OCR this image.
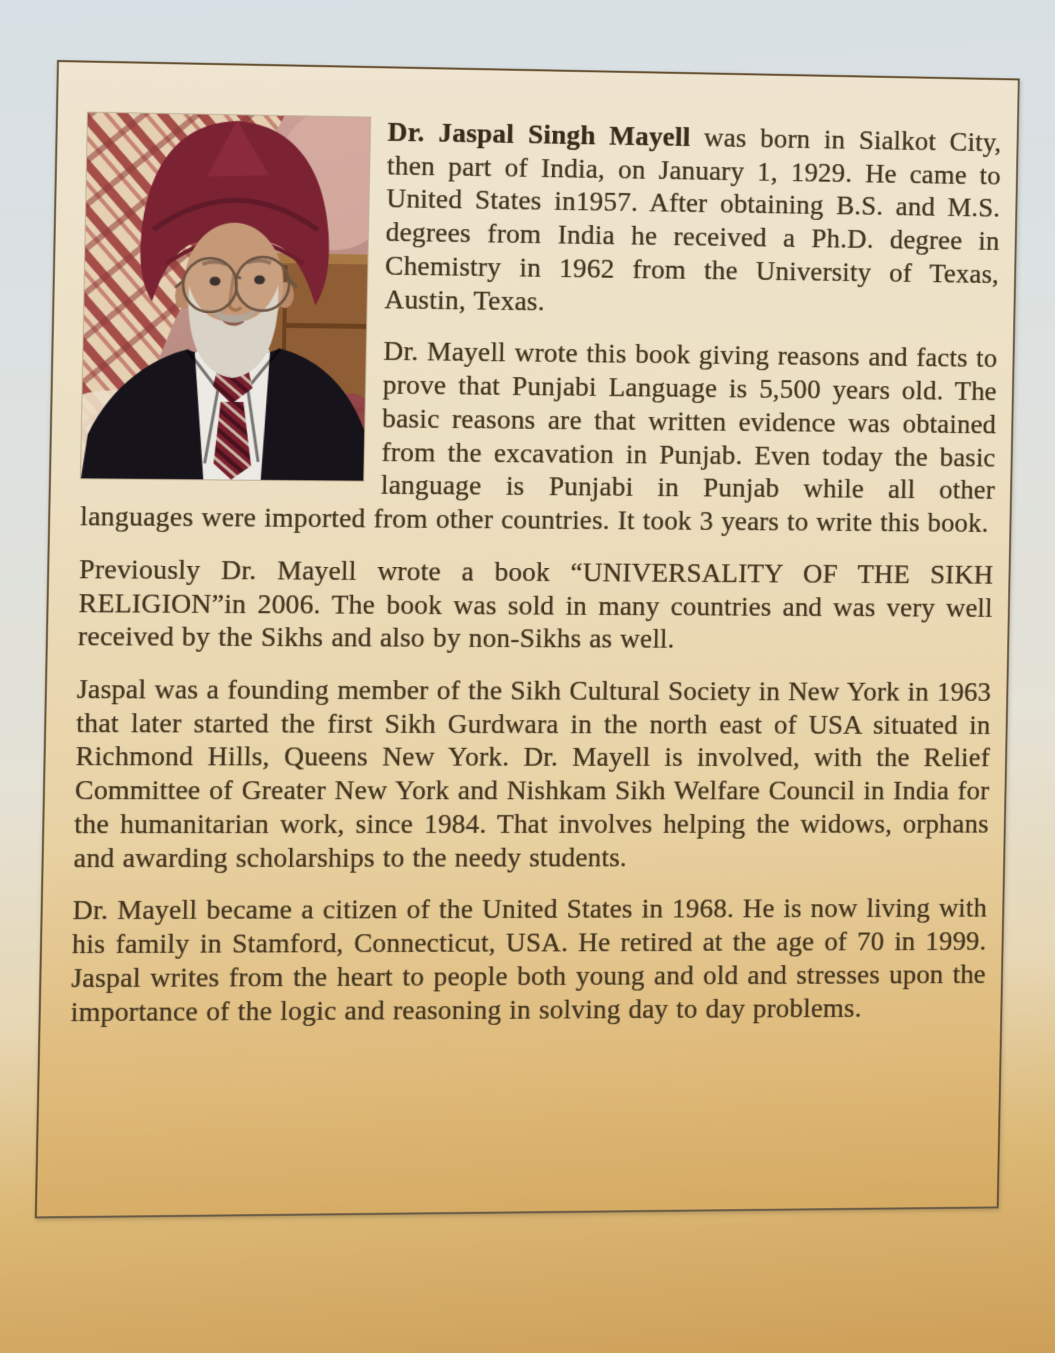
Dr. Jaspal Singh Mayell was born in Sialkot City, then part of India, on January 1, 1929. He came to United States in1957. After obtaining B.S. and M.S. degrees from India he received a Ph.D. degree in Chemistry in 1962 from the University of Texas, Austin, Texas.

Dr. Mayell wrote this book giving reasons and facts to prove that Punjabi Language is 5,500 years old. The basic reasons are that written evidence was obtained from the excavation in Punjab. Even today the basic language is Punjabi in Punjab while all other languages were imported from other countries. It took 3 years to write this book.

Previously Dr. Mayell wrote a book “UNIVERSALITY OF THE SIKH RELIGION”in 2006. The book was sold in many countries and was very well received by the Sikhs and also by non-Sikhs as well.

Jaspal was a founding member of the Sikh Cultural Society in New York in 1963 that later started the first Sikh Gurdwara in the north east of USA situated in Richmond Hills, Queens New York. Dr. Mayell is involved, with the Relief Committee of Greater New York and Nishkam Sikh Welfare Council in India for the humanitarian work, since 1984. That involves helping the widows, orphans and awarding scholarships to the needy students.

Dr. Mayell became a citizen of the United States in 1968. He is now living with his family in Stamford, Connecticut, USA. He retired at the age of 70 in 1999. Jaspal writes from the heart to people both young and old and stresses upon the importance of the logic and reasoning in solving day to day problems.
